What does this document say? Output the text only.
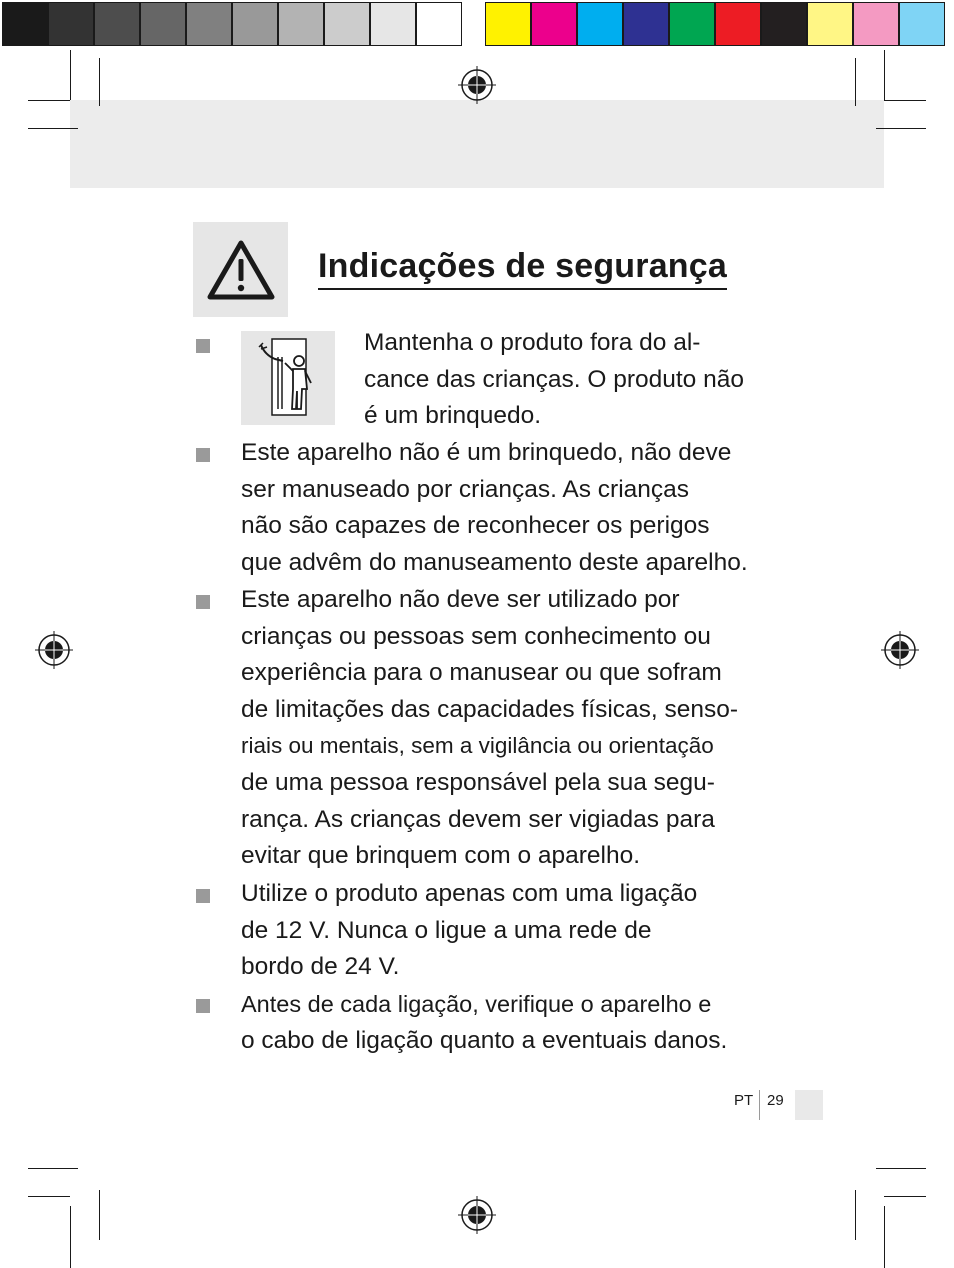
Indicações de segurança
Mantenha o produto fora do al-
cance das crianças. O produto não
é um brinquedo.
Este aparelho não é um brinquedo, não deve
ser manuseado por crianças. As crianças
não são capazes de reconhecer os perigos
que advêm do manuseamento deste aparelho.
Este aparelho não deve ser utilizado por
crianças ou pessoas sem conhecimento ou
experiência para o manusear ou que sofram
de limitações das capacidades físicas, senso-
riais ou mentais, sem a vigilância ou orientação
de uma pessoa responsável pela sua segu-
rança. As crianças devem ser vigiadas para
evitar que brinquem com o aparelho.
Utilize o produto apenas com uma ligação
de 12 V. Nunca o ligue a uma rede de
bordo de 24 V.
Antes de cada ligação, verifique o aparelho e
o cabo de ligação quanto a eventuais danos.
PT 29
